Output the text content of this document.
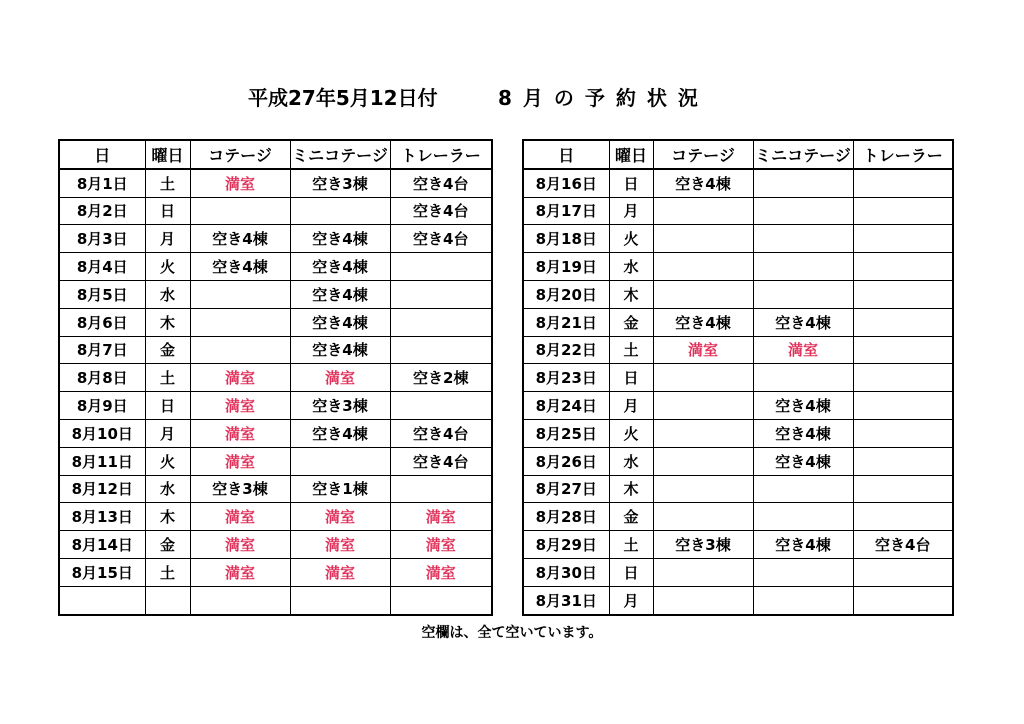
平成27年5月12日付	8月の予約状況
日	曜日	コテージ	ミニコテージ	トレーラー
8月1日	土	満室	空き3棟	空き4台
8月2日	日			空き4台
8月3日	月	空き4棟	空き4棟	空き4台
8月4日	火	空き4棟	空き4棟	
8月5日	水		空き4棟	
8月6日	木		空き4棟	
8月7日	金		空き4棟	
8月8日	土	満室	満室	空き2棟
8月9日	日	満室	空き3棟	
8月10日	月	満室	空き4棟	空き4台
8月11日	火	満室		空き4台
8月12日	水	空き3棟	空き1棟	
8月13日	木	満室	満室	満室
8月14日	金	満室	満室	満室
8月15日	土	満室	満室	満室

日	曜日	コテージ	ミニコテージ	トレーラー
8月16日	日	空き4棟		
8月17日	月			
8月18日	火			
8月19日	水			
8月20日	木			
8月21日	金	空き4棟	空き4棟	
8月22日	土	満室	満室	
8月23日	日			
8月24日	月		空き4棟	
8月25日	火		空き4棟	
8月26日	水		空き4棟	
8月27日	木			
8月28日	金			
8月29日	土	空き3棟	空き4棟	空き4台
8月30日	日			
8月31日	月			
空欄は、全て空いています。
